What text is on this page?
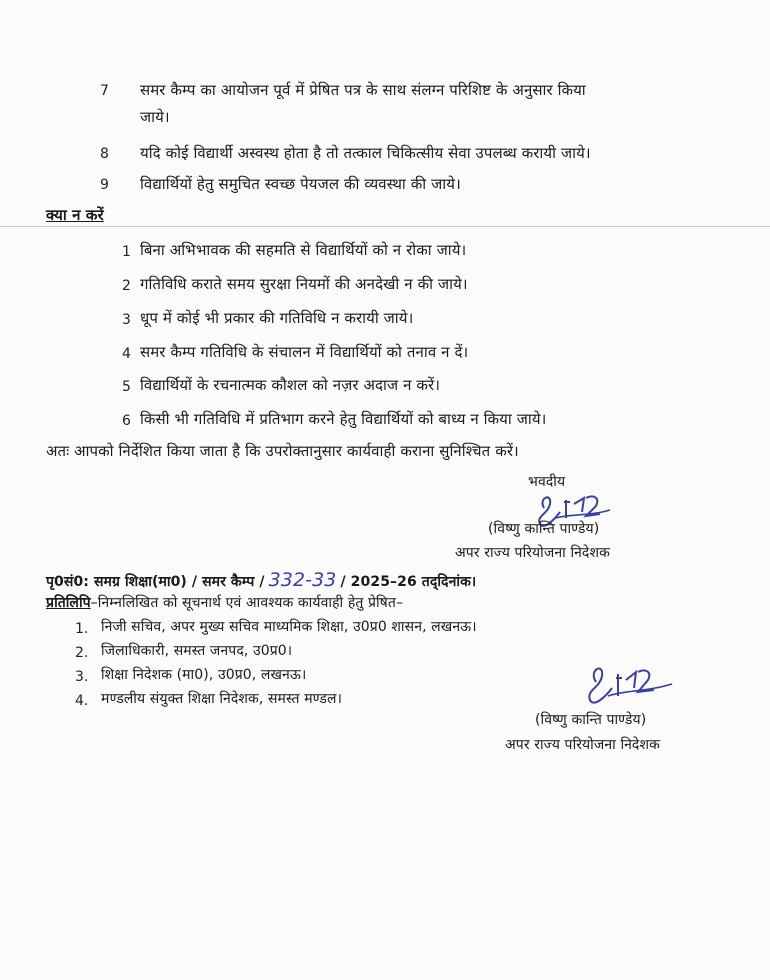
7 समर कैम्प का आयोजन पूर्व में प्रेषित पत्र के साथ संलग्न परिशिष्ट के अनुसार किया
जाये।
8 यदि कोई विद्यार्थी अस्वस्थ होता है तो तत्काल चिकित्सीय सेवा उपलब्ध करायी जाये।
9 विद्यार्थियों हेतु समुचित स्वच्छ पेयजल की व्यवस्था की जाये।
क्या न करें
1 बिना अभिभावक की सहमति से विद्यार्थियों को न रोका जाये।
2 गतिविधि कराते समय सुरक्षा नियमों की अनदेखी न की जाये।
3 धूप में कोई भी प्रकार की गतिविधि न करायी जाये।
4 समर कैम्प गतिविधि के संचालन में विद्यार्थियों को तनाव न दें।
5 विद्यार्थियों के रचनात्मक कौशल को नज़र अदाज न करें।
6 किसी भी गतिविधि में प्रतिभाग करने हेतु विद्यार्थियों को बाध्य न किया जाये।
अतः आपको निर्देशित किया जाता है कि उपरोक्तानुसार कार्यवाही कराना सुनिश्चित करें।
भवदीय
(विष्णु कान्ति पाण्डेय)
अपर राज्य परियोजना निदेशक
पृ0सं0: समग्र शिक्षा(मा0) / समर कैम्प / 332-33 / 2025–26 तद्‌दिनांक।
प्रतिलिपि–निम्नलिखित को सूचनार्थ एवं आवश्यक कार्यवाही हेतु प्रेषित–
1. निजी सचिव, अपर मुख्य सचिव माध्यमिक शिक्षा, उ0प्र0 शासन, लखनऊ।
2. जिलाधिकारी, समस्त जनपद, उ0प्र0।
3. शिक्षा निदेशक (मा0), उ0प्र0, लखनऊ।
4. मण्डलीय संयुक्त शिक्षा निदेशक, समस्त मण्डल।
(विष्णु कान्ति पाण्डेय)
अपर राज्य परियोजना निदेशक
